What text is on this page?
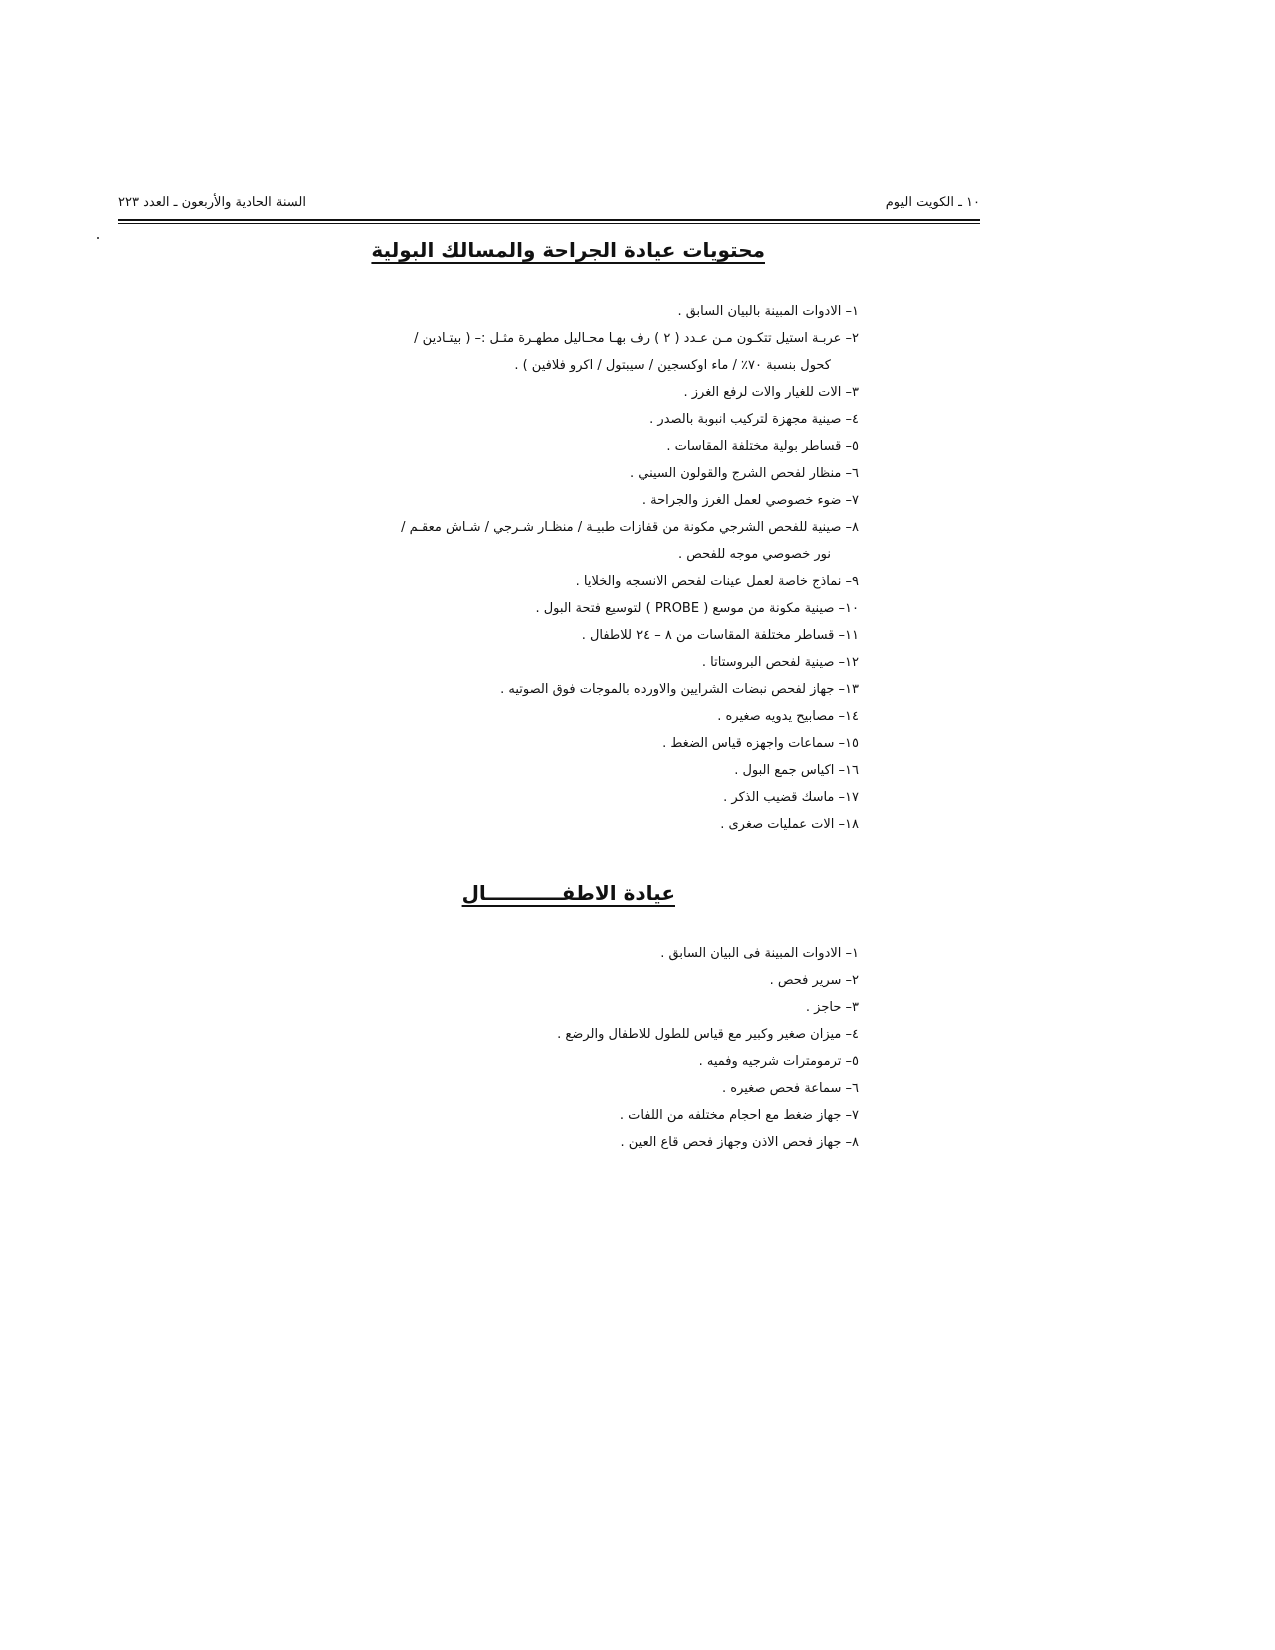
١٠ ـ الكويت اليوم
السنة الحادية والأربعون ـ العدد ٢٢٣
محتويات عيادة الجراحة والمسالك البولية
١– الادوات المبينة بالبيان السابق .
٢– عربـة استيل تتكـون مـن عـدد ( ٢ ) رف بهـا محـاليل مطهـرة مثـل :– ( بيتـادين /
كحول بنسبة ٧٠٪ / ماء اوكسجين / سيبتول / اكرو فلافين ) .
٣– الات للغيار والات لرفع الغرز .
٤– صينية مجهزة لتركيب انبوبة بالصدر .
٥– قساطر بولية مختلفة المقاسات .
٦– منظار لفحص الشرج والقولون السيني .
٧– ضوء خصوصي لعمل الغرز والجراحة .
٨– صينية للفحص الشرجي مكونة من قفازات طبيـة / منظـار شـرجي / شـاش معقـم /
نور خصوصي موجه للفحص .
٩– نماذج خاصة لعمل عينات لفحص الانسجه والخلايا .
١٠– صينية مكونة من موسع ( PROBE ) لتوسيع فتحة البول .
١١– قساطر مختلفة المقاسات من ٨ – ٢٤ للاطفال .
١٢– صينية لفحص البروستاتا .
١٣– جهاز لفحص نبضات الشرايين والاورده بالموجات فوق الصوتيه .
١٤– مصابيح يدويه صغيره .
١٥– سماعات واجهزه قياس الضغط .
١٦– اكياس جمع البول .
١٧– ماسك قضيب الذكر .
١٨– الات عمليات صغرى .
عيادة الاطفـــــــــــال
١– الادوات المبينة فى البيان السابق .
٢– سرير فحص .
٣– حاجز .
٤– ميزان صغير وكبير مع قياس للطول للاطفال والرضع .
٥– ترمومترات شرجيه وفميه .
٦– سماعة فحص صغيره .
٧– جهاز ضغط مع احجام مختلفه من اللفات .
٨– جهاز فحص الاذن وجهاز فحص قاع العين .
